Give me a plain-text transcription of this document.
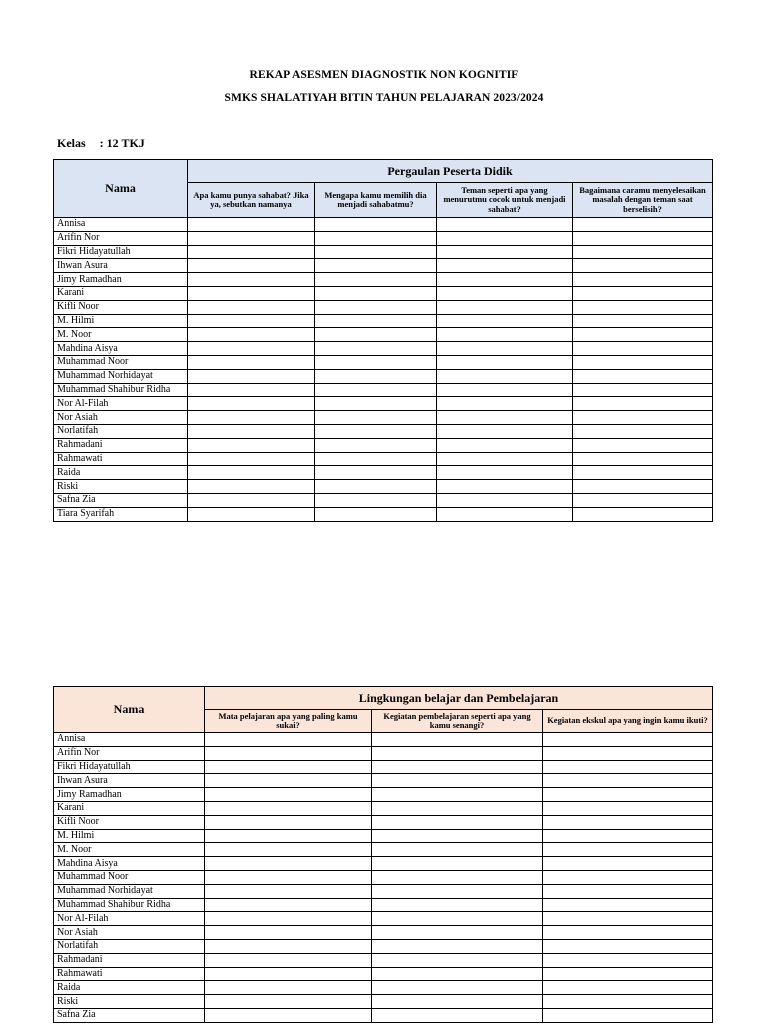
REKAP ASESMEN DIAGNOSTIK NON KOGNITIF
SMKS SHALATIYAH BITIN TAHUN PELAJARAN 2023/2024
Kelas : 12 TKJ
Nama	Pergaulan Peserta Didik			
	Apa kamu punya sahabat? Jika ya, sebutkan namanya	Mengapa kamu memilih dia menjadi sahabatmu?	Teman seperti apa yang menurutmu cocok untuk menjadi sahabat?	Bagaimana caramu menyelesaikan masalah dengan teman saat berselisih?
Annisa				
Arifin Nor				
Fikri Hidayatullah				
Ihwan Asura				
Jimy Ramadhan				
Karani				
Kifli Noor				
M. Hilmi				
M. Noor				
Mahdina Aisya				
Muhammad Noor				
Muhammad Norhidayat				
Muhammad Shahibur Ridha				
Nor Al-Filah				
Nor Asiah				
Norlatifah				
Rahmadani				
Rahmawati				
Raida				
Riski				
Safna Zia				
Tiara Syarifah				
Nama	Lingkungan belajar dan Pembelajaran		
	Mata pelajaran apa yang paling kamu sukai?	Kegiatan pembelajaran seperti apa yang kamu senangi?	Kegiatan ekskul apa yang ingin kamu ikuti?
Annisa			
Arifin Nor			
Fikri Hidayatullah			
Ihwan Asura			
Jimy Ramadhan			
Karani			
Kifli Noor			
M. Hilmi			
M. Noor			
Mahdina Aisya			
Muhammad Noor			
Muhammad Norhidayat			
Muhammad Shahibur Ridha			
Nor Al-Filah			
Nor Asiah			
Norlatifah			
Rahmadani			
Rahmawati			
Raida			
Riski			
Safna Zia			
